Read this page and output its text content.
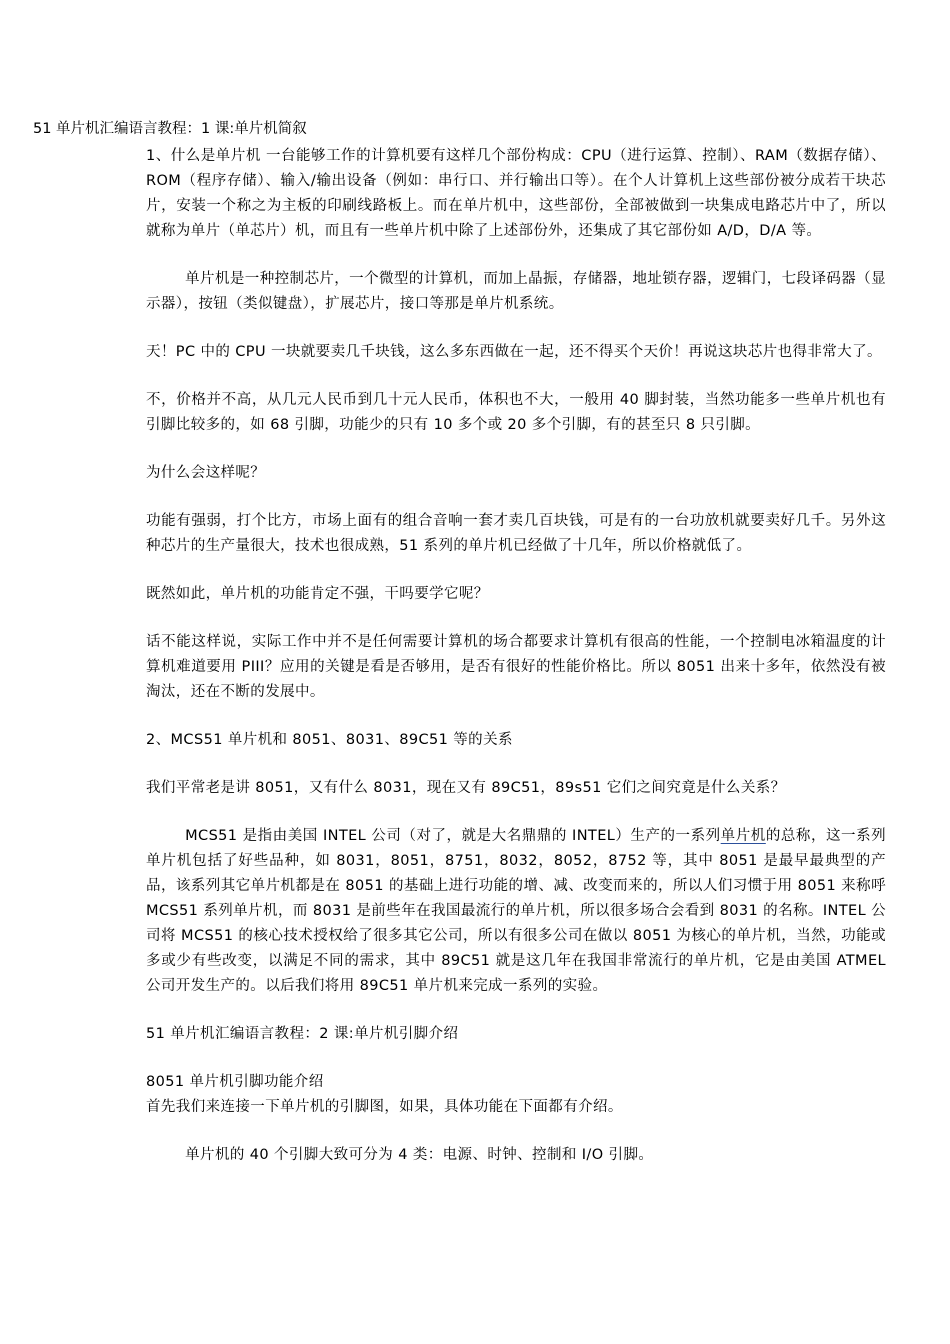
51 单片机汇编语言教程：1 课:单片机简叙

1、什么是单片机 一台能够工作的计算机要有这样几个部份构成：CPU（进行运算、控制）、RAM（数据存储）、ROM（程序存储）、输入/输出设备（例如：串行口、并行输出口等）。在个人计算机上这些部份被分成若干块芯片，安装一个称之为主板的印刷线路板上。而在单片机中，这些部份，全部被做到一块集成电路芯片中了，所以就称为单片（单芯片）机，而且有一些单片机中除了上述部份外，还集成了其它部份如 A/D，D/A 等。

单片机是一种控制芯片，一个微型的计算机，而加上晶振，存储器，地址锁存器，逻辑门，七段译码器（显示器），按钮（类似键盘），扩展芯片，接口等那是单片机系统。

天！PC 中的 CPU 一块就要卖几千块钱，这么多东西做在一起，还不得买个天价！再说这块芯片也得非常大了。

不，价格并不高，从几元人民币到几十元人民币，体积也不大，一般用 40 脚封装，当然功能多一些单片机也有引脚比较多的，如 68 引脚，功能少的只有 10 多个或 20 多个引脚，有的甚至只 8 只引脚。

为什么会这样呢？

功能有强弱，打个比方，市场上面有的组合音响一套才卖几百块钱，可是有的一台功放机就要卖好几千。另外这种芯片的生产量很大，技术也很成熟，51 系列的单片机已经做了十几年，所以价格就低了。

既然如此，单片机的功能肯定不强，干吗要学它呢？

话不能这样说，实际工作中并不是任何需要计算机的场合都要求计算机有很高的性能，一个控制电冰箱温度的计算机难道要用 PIII？应用的关键是看是否够用，是否有很好的性能价格比。所以 8051 出来十多年，依然没有被淘汰，还在不断的发展中。

2、MCS51 单片机和 8051、8031、89C51 等的关系

我们平常老是讲 8051，又有什么 8031，现在又有 89C51，89s51 它们之间究竟是什么关系？

MCS51 是指由美国 INTEL 公司（对了，就是大名鼎鼎的 INTEL）生产的一系列单片机的总称，这一系列单片机包括了好些品种，如 8031，8051，8751，8032，8052，8752 等，其中 8051 是最早最典型的产品，该系列其它单片机都是在 8051 的基础上进行功能的增、减、改变而来的，所以人们习惯于用 8051 来称呼 MCS51 系列单片机，而 8031 是前些年在我国最流行的单片机，所以很多场合会看到 8031 的名称。INTEL 公司将 MCS51 的核心技术授权给了很多其它公司，所以有很多公司在做以 8051 为核心的单片机，当然，功能或多或少有些改变，以满足不同的需求，其中 89C51 就是这几年在我国非常流行的单片机，它是由美国 ATMEL 公司开发生产的。以后我们将用 89C51 单片机来完成一系列的实验。

51 单片机汇编语言教程：2 课:单片机引脚介绍

8051 单片机引脚功能介绍

首先我们来连接一下单片机的引脚图，如果，具体功能在下面都有介绍。

单片机的 40 个引脚大致可分为 4 类：电源、时钟、控制和 I/O 引脚。
